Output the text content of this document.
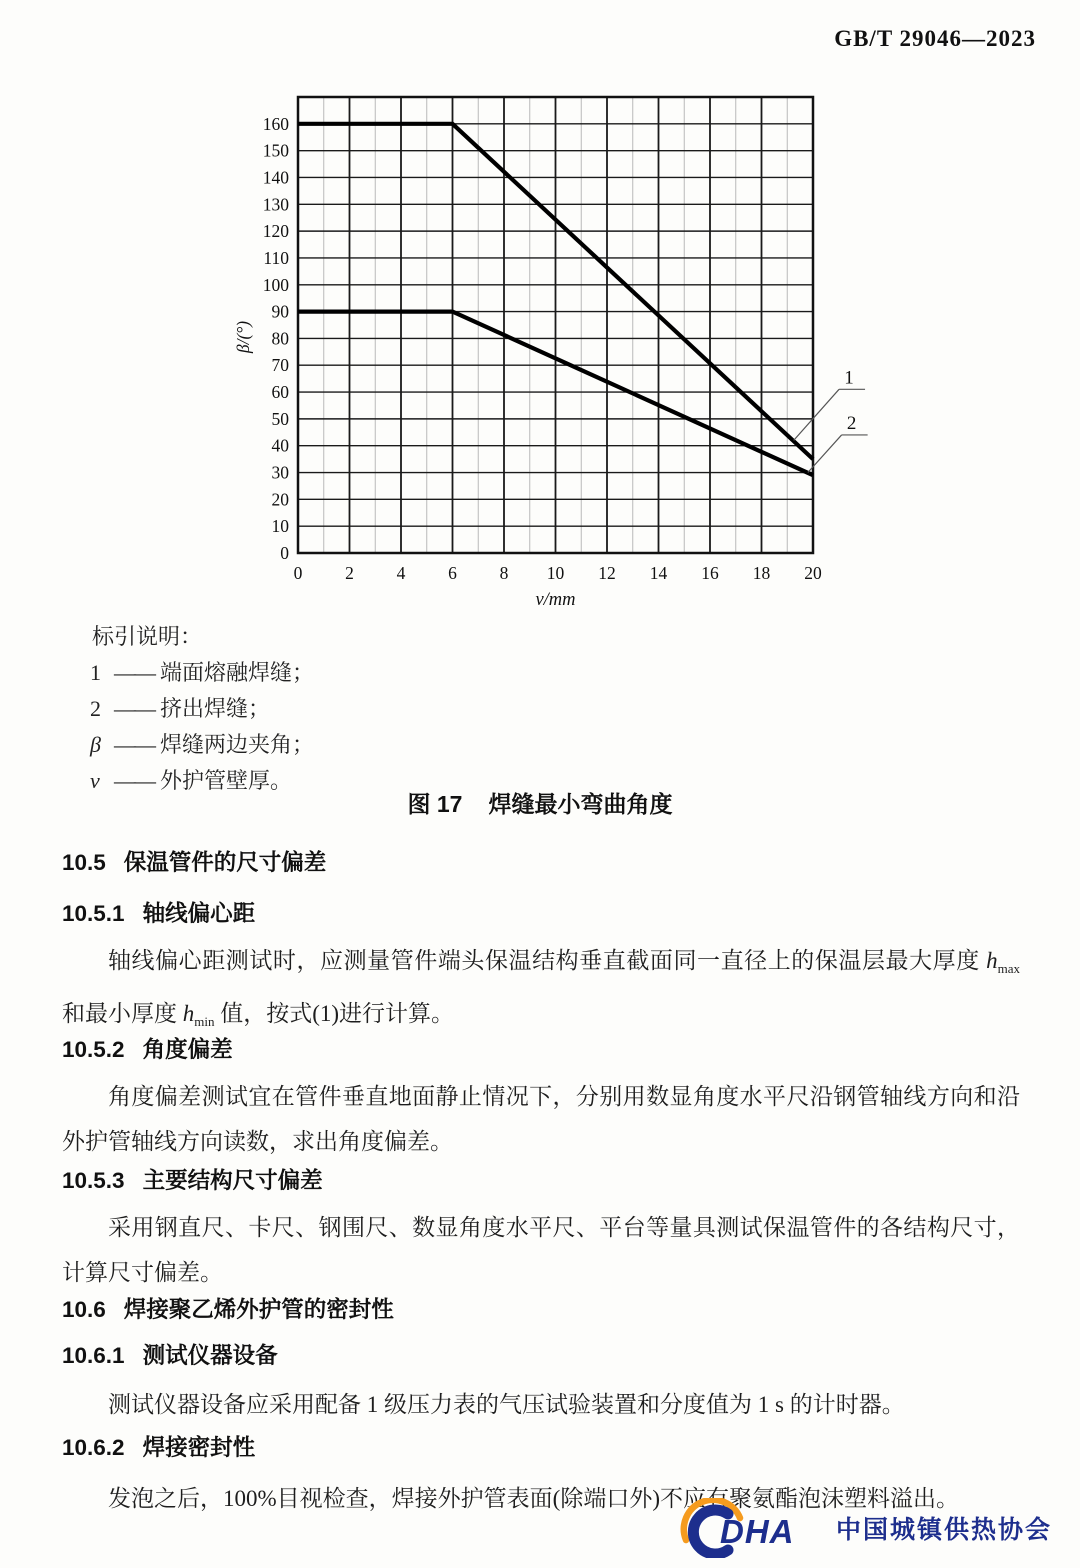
GB/T 29046—2023
1
2
0
10
20
30
40
50
60
70
80
90
100
110
120
130
140
150
160
0 2 4 6 8 10 12 14 16 18 20
β/(°)
v/mm
标引说明：
1 —— 端面熔融焊缝；
2 —— 挤出焊缝；
β —— 焊缝两边夹角；
v —— 外护管壁厚。
图 17 焊缝最小弯曲角度
10.5 保温管件的尺寸偏差
10.5.1 轴线偏心距
轴线偏心距测试时，应测量管件端头保温结构垂直截面同一直径上的保温层最大厚度 $h_{max}$ 和最小厚度 $h_{min}$ 值，按式(1)进行计算。
10.5.2 角度偏差
角度偏差测试宜在管件垂直地面静止情况下，分别用数显角度水平尺沿钢管轴线方向和沿外护管轴线方向读数，求出角度偏差。
10.5.3 主要结构尺寸偏差
采用钢直尺、卡尺、钢围尺、数显角度水平尺、平台等量具测试保温管件的各结构尺寸，计算尺寸偏差。
10.6 焊接聚乙烯外护管的密封性
10.6.1 测试仪器设备
测试仪器设备应采用配备 1 级压力表的气压试验装置和分度值为 1 s 的计时器。
10.6.2 焊接密封性
发泡之后，100%目视检查，焊接外护管表面(除端口外)不应有聚氨酯泡沫塑料溢出。
DHA 中国城镇供热协会
